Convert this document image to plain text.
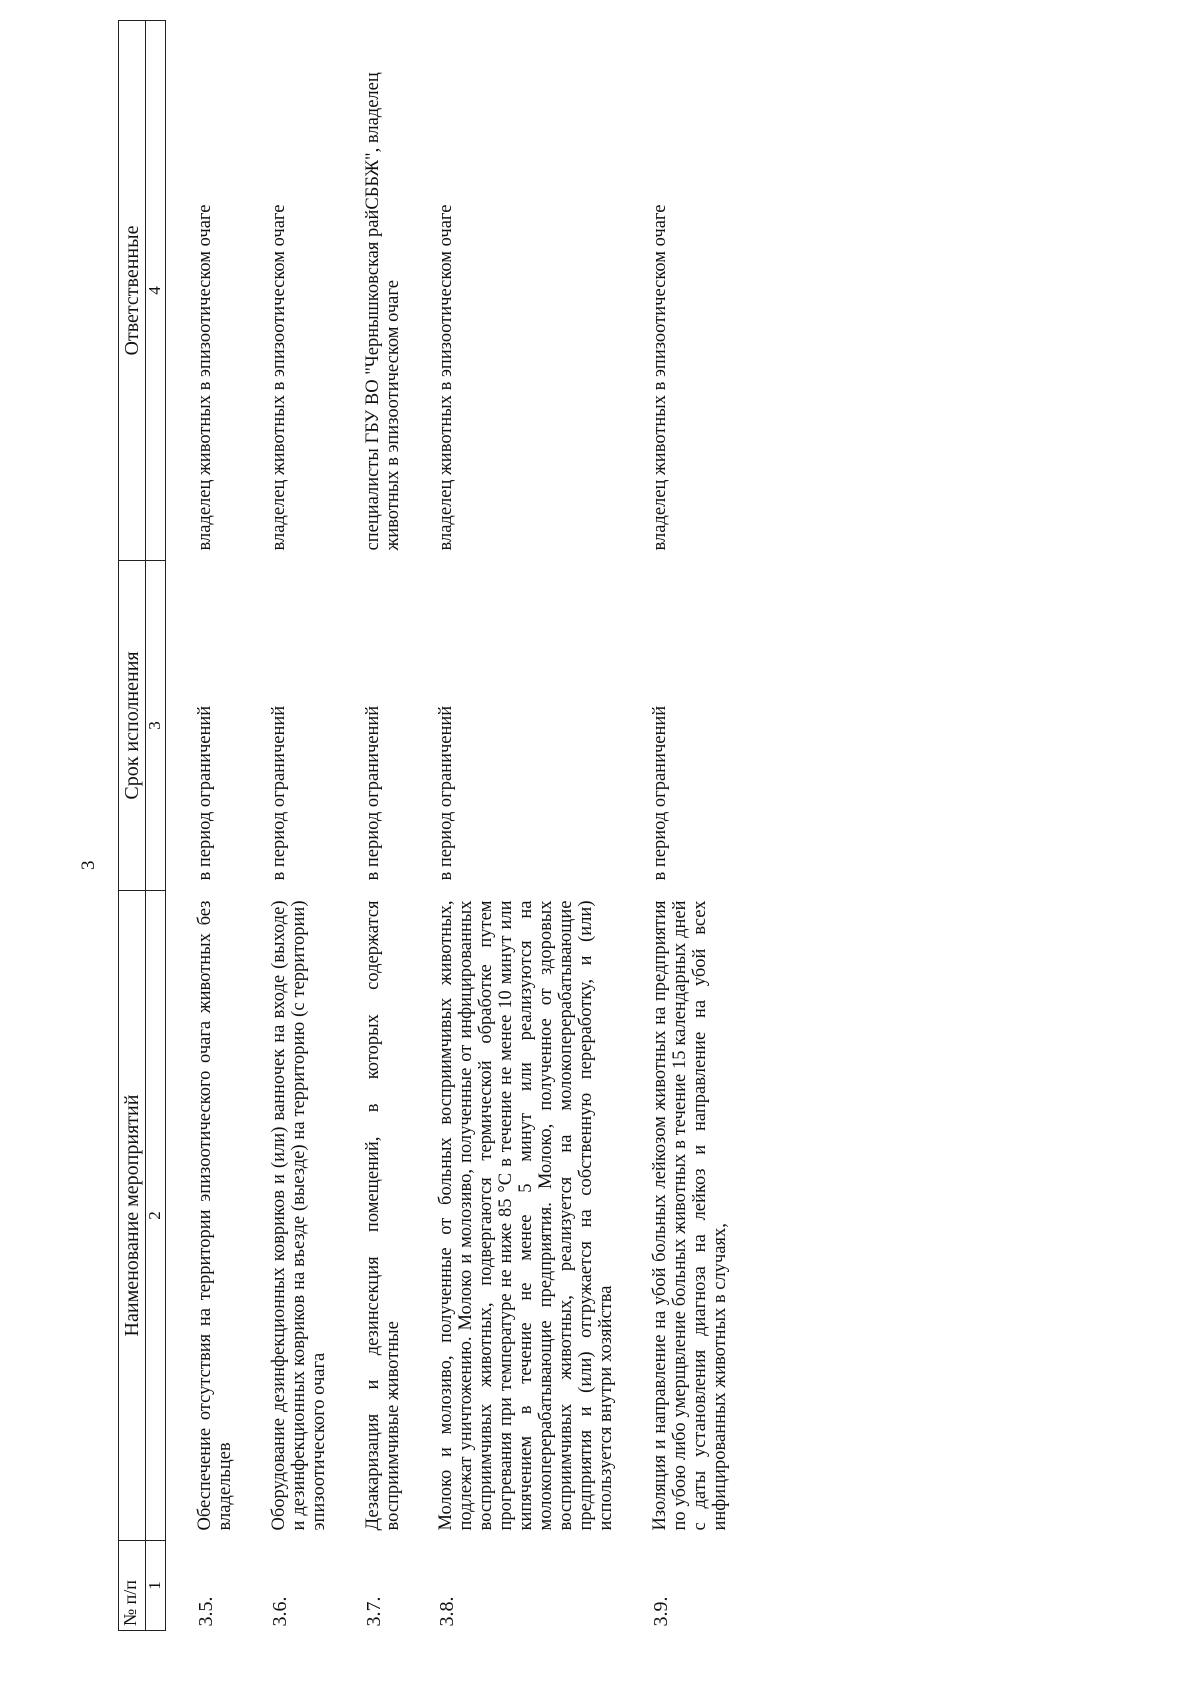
3
№ п/п	Наименование мероприятий	Срок исполнения	Ответственные
1	2	3	4
3.5.	Обеспечение отсутствия на территории эпизоотического очага животных без владельцев	в период ограничений	владелец животных в эпизоотическом очаге
3.6.	Оборудование дезинфекционных ковриков и (или) ванночек на входе (выходе) и дезинфекционных ковриков на въезде (выезде) на территорию (с территории) эпизоотического очага	в период ограничений	владелец животных в эпизоотическом очаге
3.7.	Дезакаризация и дезинсекция помещений, в которых содержатся восприимчивые животные	в период ограничений	специалисты ГБУ ВО "Чернышковская райСББЖ", владелец животных в эпизоотическом очаге
3.8.	Молоко и молозиво, полученные от больных восприимчивых животных, подлежат уничтожению. Молоко и молозиво, полученные от инфицированных восприимчивых животных, подвергаются термической обработке путем прогревания при температуре не ниже 85 °С в течение не менее 10 минут или кипячением в течение не менее 5 минут или реализуются на молокоперерабатывающие предприятия. Молоко, полученное от здоровых восприимчивых животных, реализуется на молокоперерабатывающие предприятия и (или) отгружается на собственную переработку, и (или) используется внутри хозяйства	в период ограничений	владелец животных в эпизоотическом очаге
3.9.	Изоляция и направление на убой больных лейкозом животных на предприятия по убою либо умерщвление больных животных в течение 15 календарных дней с даты установления диагноза на лейкоз и направление на убой всех инфицированных животных в случаях,	в период ограничений	владелец животных в эпизоотическом очаге
